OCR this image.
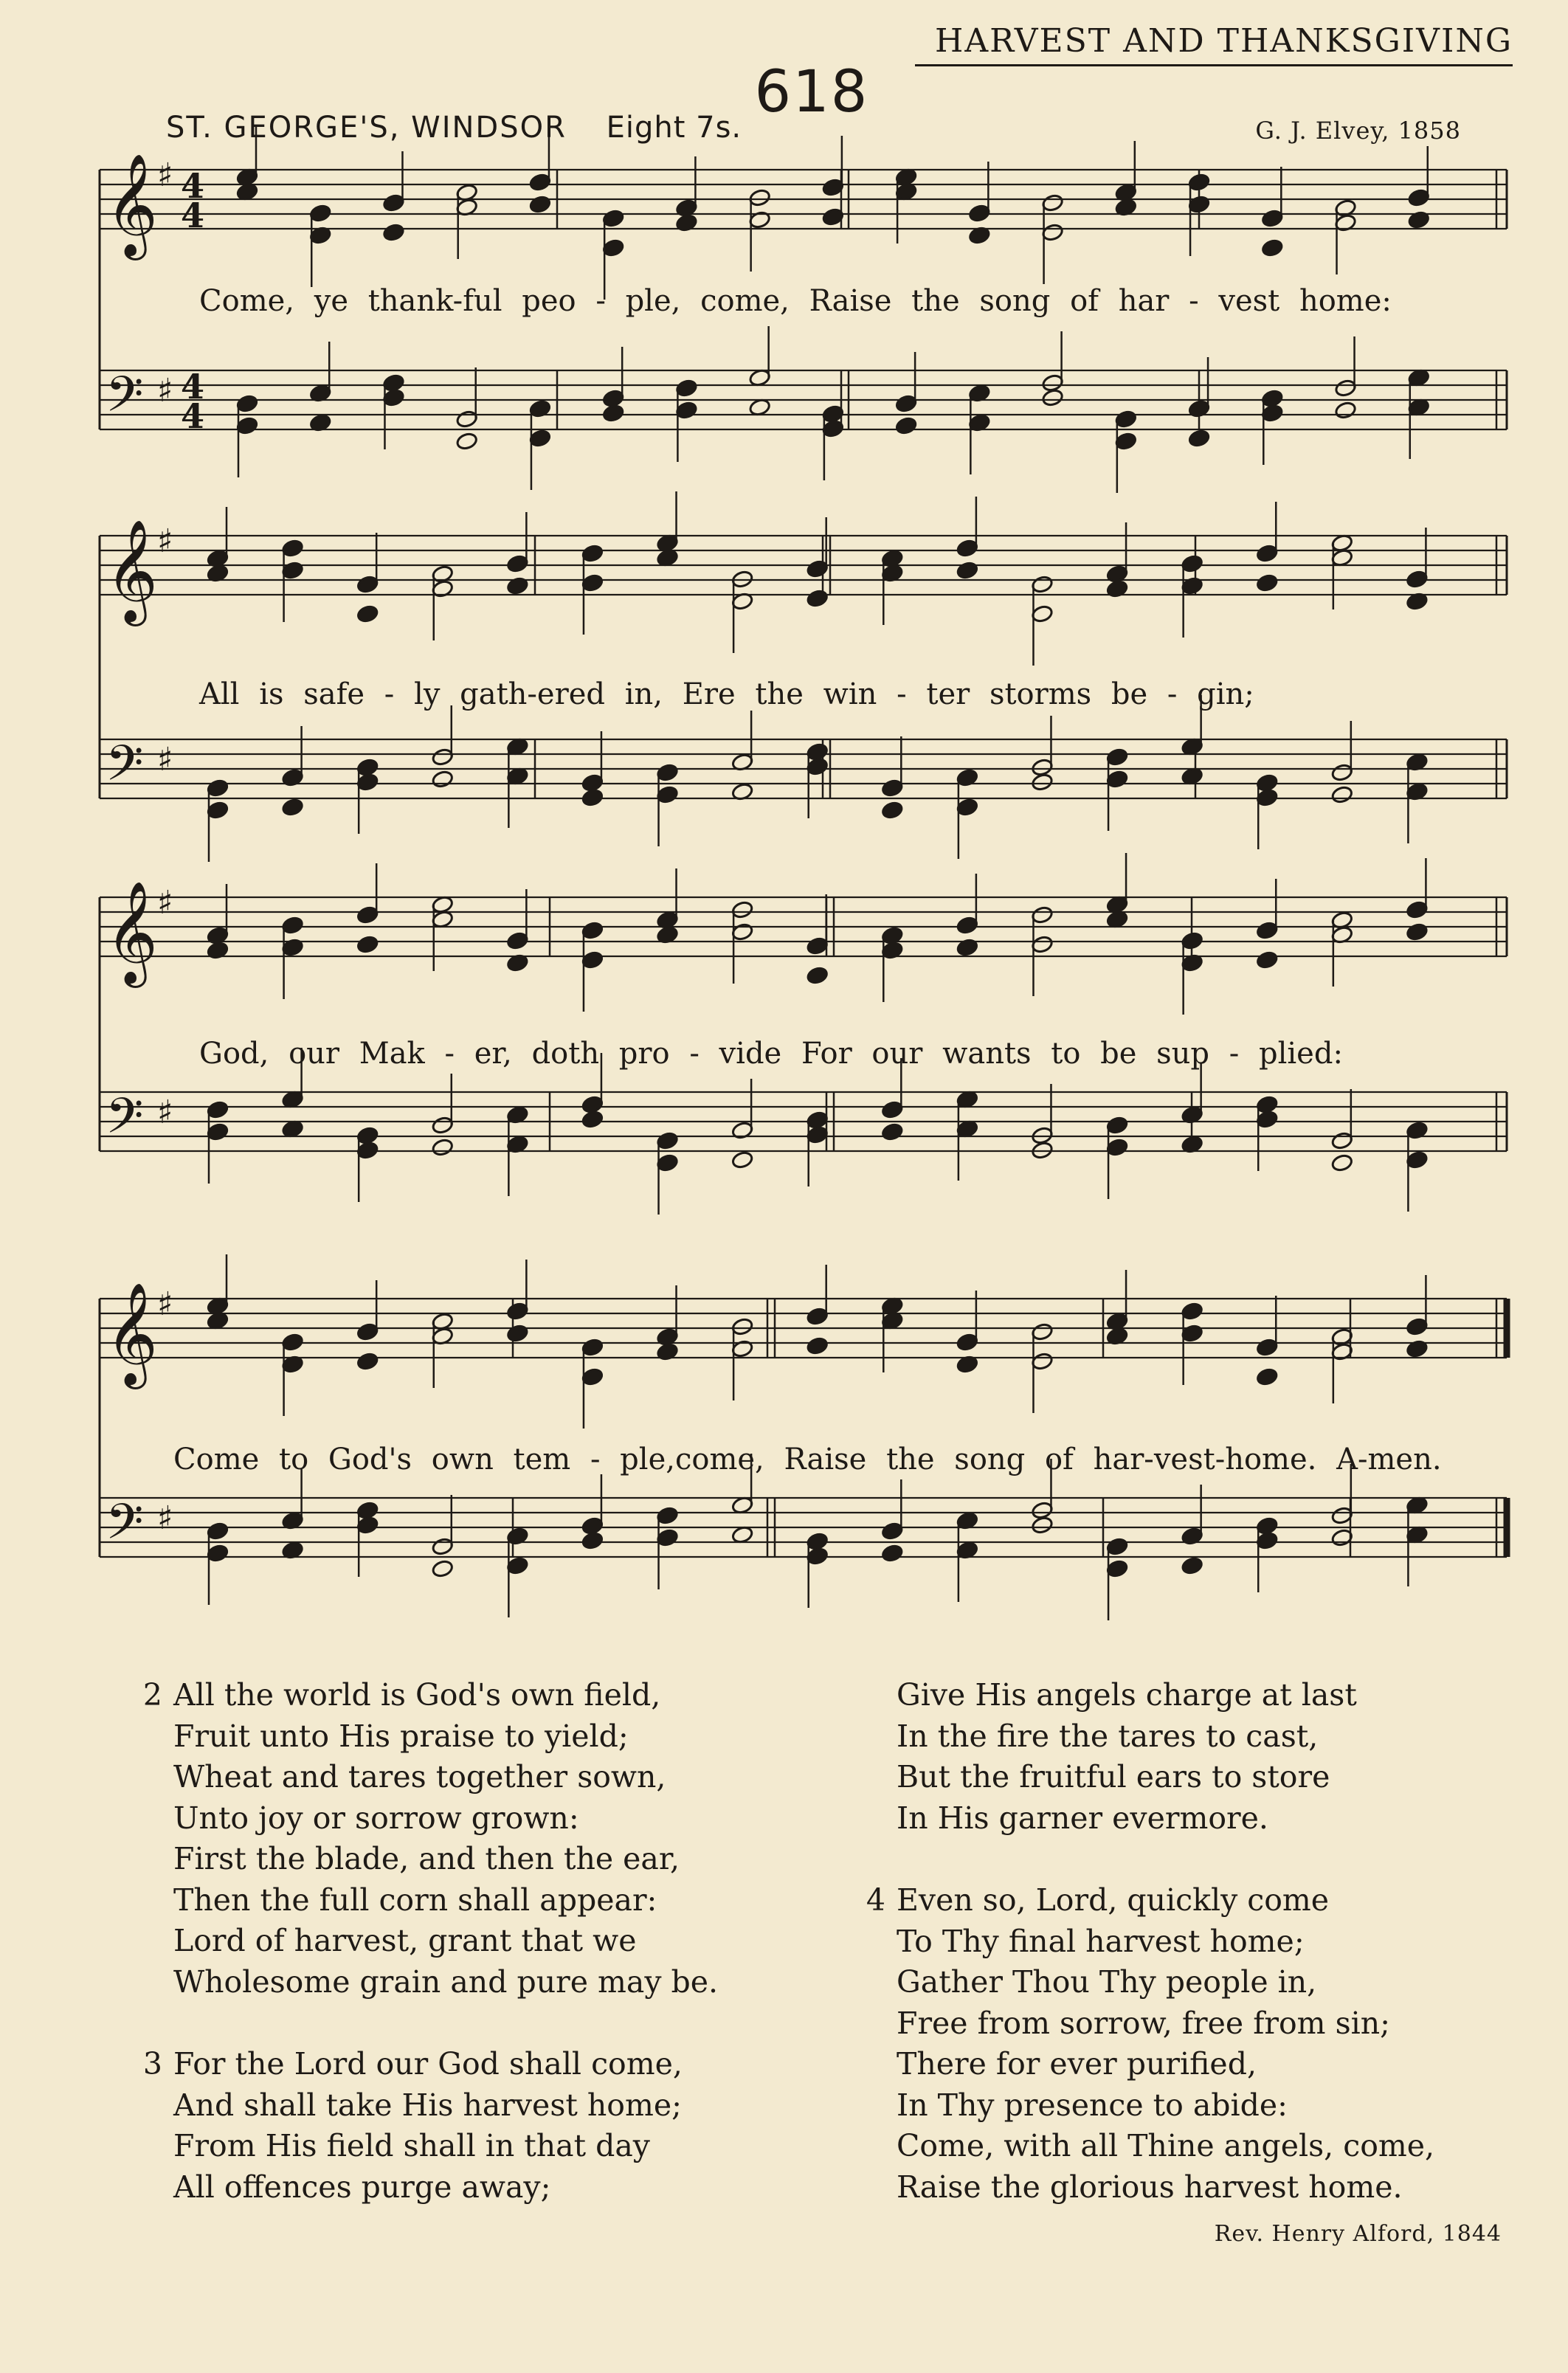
HARVEST AND THANKSGIVING
618
ST. GEORGE'S, WINDSOR Eight 7s.	G. J. Elvey, 1858
𝄞 ♯ 4
4
𝄢 ♯ 4
4
𝄞 ♯
𝄢 ♯
𝄞 ♯
𝄢 ♯
𝄞 ♯
𝄢 ♯
Come, ye thank-ful peo - ple, come, Raise the song of har - vest home:
All is safe - ly gath-ered in, Ere the win - ter storms be - gin;
God, our Mak - er, doth pro - vide For our wants to be sup - plied:
Come to God's own tem - ple,come, Raise the song of har-vest-home. A-men.
2 All the world is God's own field,
Fruit unto His praise to yield;
Wheat and tares together sown,
Unto joy or sorrow grown:
First the blade, and then the ear,
Then the full corn shall appear:
Lord of harvest, grant that we
Wholesome grain and pure may be.
3 For the Lord our God shall come,
And shall take His harvest home;
From His field shall in that day
All offences purge away;
Give His angels charge at last
In the fire the tares to cast,
But the fruitful ears to store
In His garner evermore.
4 Even so, Lord, quickly come
To Thy final harvest home;
Gather Thou Thy people in,
Free from sorrow, free from sin;
There for ever purified,
In Thy presence to abide:
Come, with all Thine angels, come,
Raise the glorious harvest home.
Rev. Henry Alford, 1844
